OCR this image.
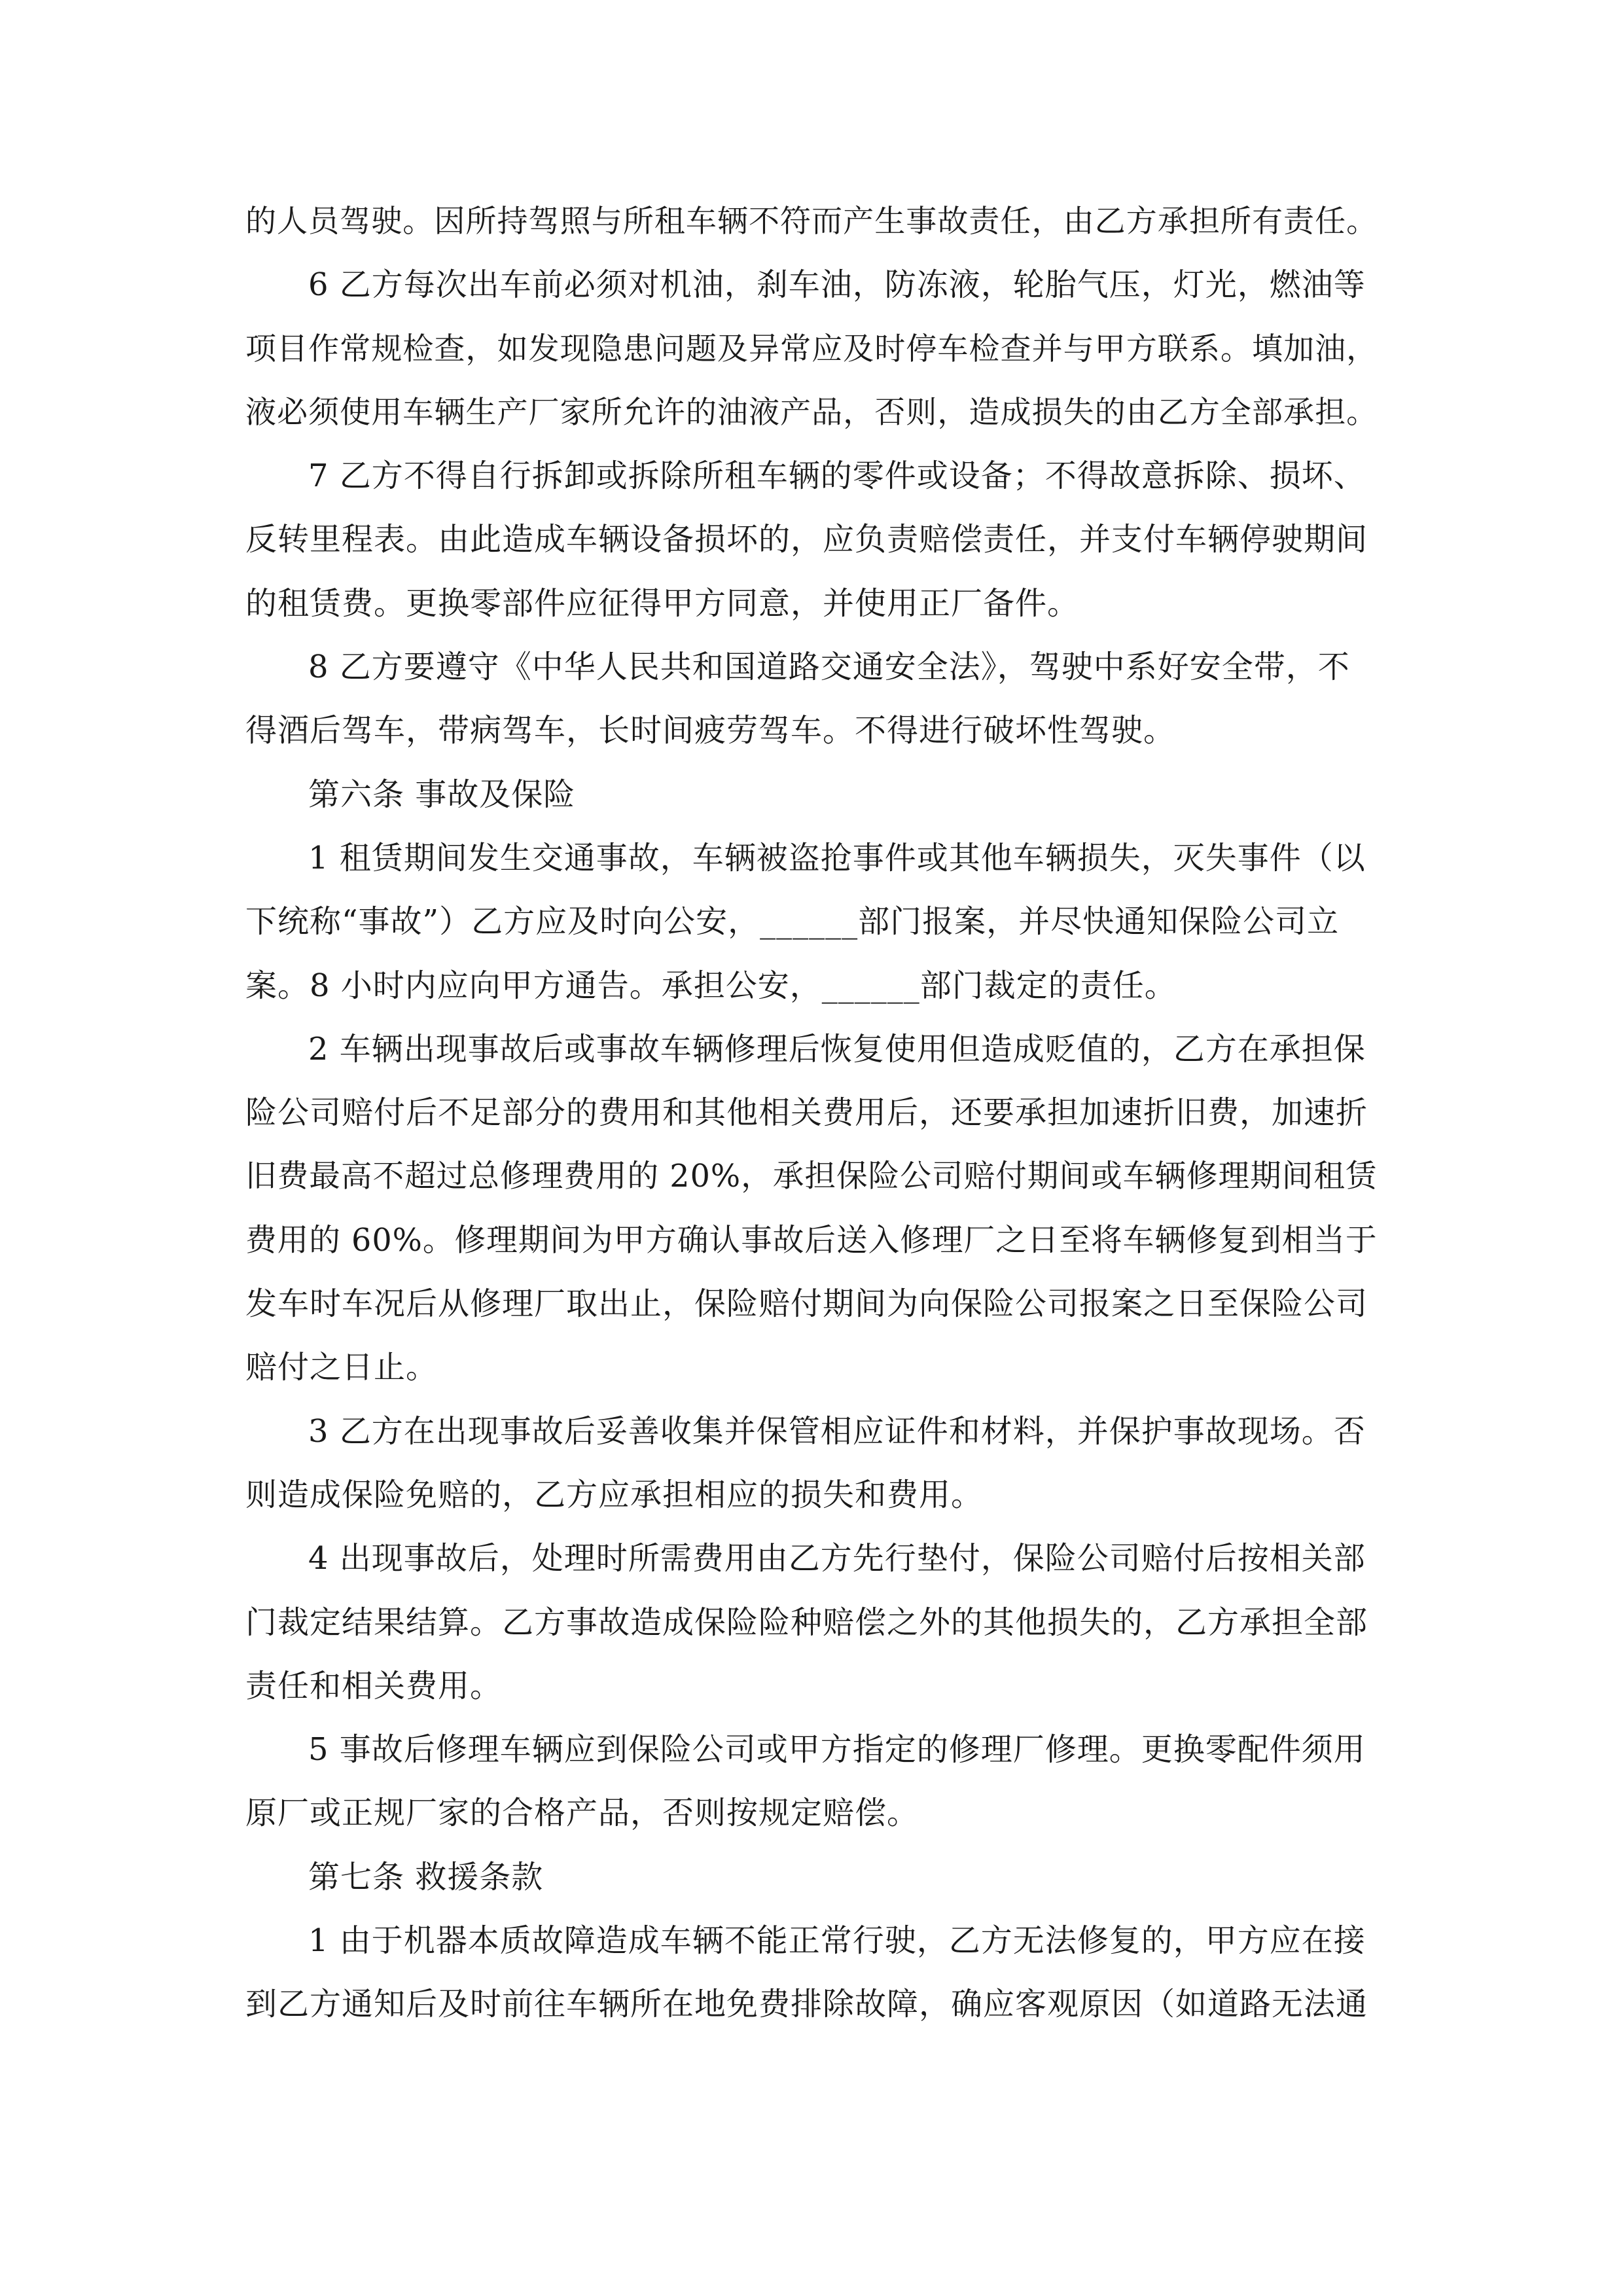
的人员驾驶。因所持驾照与所租车辆不符而产生事故责任，由乙方承担所有责任。
6 乙方每次出车前必须对机油，刹车油，防冻液，轮胎气压，灯光，燃油等
项目作常规检查，如发现隐患问题及异常应及时停车检查并与甲方联系。填加油，
液必须使用车辆生产厂家所允许的油液产品，否则，造成损失的由乙方全部承担。
7 乙方不得自行拆卸或拆除所租车辆的零件或设备；不得故意拆除、损坏、
反转里程表。由此造成车辆设备损坏的，应负责赔偿责任，并支付车辆停驶期间
的租赁费。更换零部件应征得甲方同意，并使用正厂备件。
8 乙方要遵守《中华人民共和国道路交通安全法》，驾驶中系好安全带，不
得酒后驾车，带病驾车，长时间疲劳驾车。不得进行破坏性驾驶。
第六条 事故及保险
1 租赁期间发生交通事故，车辆被盗抢事件或其他车辆损失，灭失事件（以
下统称“事故”）乙方应及时向公安，______部门报案，并尽快通知保险公司立
案。8 小时内应向甲方通告。承担公安，______部门裁定的责任。
2 车辆出现事故后或事故车辆修理后恢复使用但造成贬值的，乙方在承担保
险公司赔付后不足部分的费用和其他相关费用后，还要承担加速折旧费，加速折
旧费最高不超过总修理费用的 20%，承担保险公司赔付期间或车辆修理期间租赁
费用的 60%。修理期间为甲方确认事故后送入修理厂之日至将车辆修复到相当于
发车时车况后从修理厂取出止，保险赔付期间为向保险公司报案之日至保险公司
赔付之日止。
3 乙方在出现事故后妥善收集并保管相应证件和材料，并保护事故现场。否
则造成保险免赔的，乙方应承担相应的损失和费用。
4 出现事故后，处理时所需费用由乙方先行垫付，保险公司赔付后按相关部
门裁定结果结算。乙方事故造成保险险种赔偿之外的其他损失的，乙方承担全部
责任和相关费用。
5 事故后修理车辆应到保险公司或甲方指定的修理厂修理。更换零配件须用
原厂或正规厂家的合格产品，否则按规定赔偿。
第七条 救援条款
1 由于机器本质故障造成车辆不能正常行驶，乙方无法修复的，甲方应在接
到乙方通知后及时前往车辆所在地免费排除故障，确应客观原因（如道路无法通
